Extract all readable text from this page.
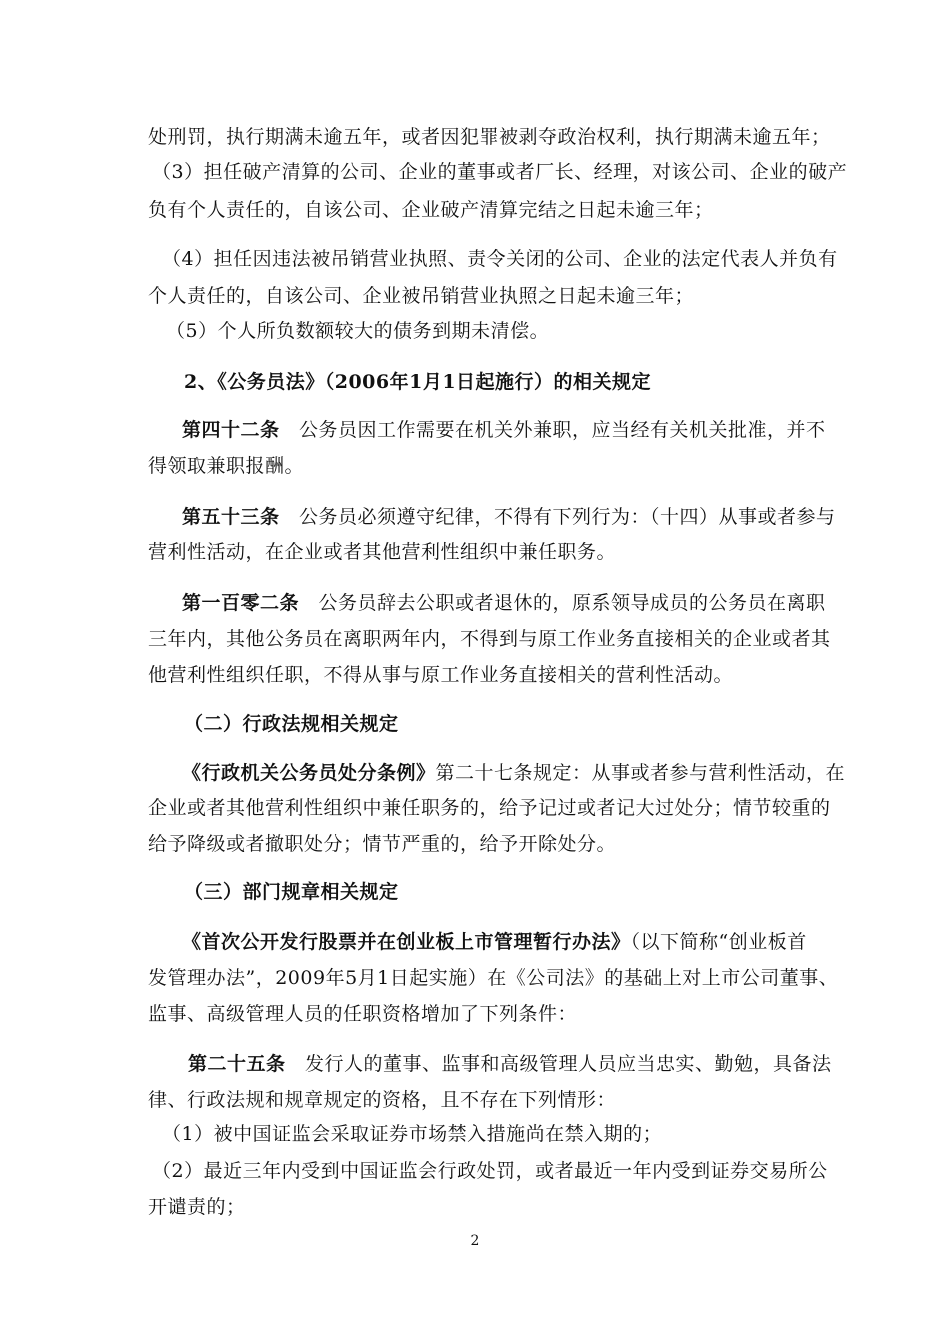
处刑罚，执行期满未逾五年，或者因犯罪被剥夺政治权利，执行期满未逾五年；
（3）担任破产清算的公司、企业的董事或者厂长、经理，对该公司、企业的破产
负有个人责任的，自该公司、企业破产清算完结之日起未逾三年；
（4）担任因违法被吊销营业执照、责令关闭的公司、企业的法定代表人并负有
个人责任的，自该公司、企业被吊销营业执照之日起未逾三年；
（5）个人所负数额较大的债务到期未清偿。
2、《公务员法》（2006年1月1日起施行）的相关规定
第四十二条　公务员因工作需要在机关外兼职，应当经有关机关批准，并不
得领取兼职报酬。
第五十三条　公务员必须遵守纪律，不得有下列行为：（十四）从事或者参与
营利性活动，在企业或者其他营利性组织中兼任职务。
第一百零二条　公务员辞去公职或者退休的，原系领导成员的公务员在离职
三年内，其他公务员在离职两年内，不得到与原工作业务直接相关的企业或者其
他营利性组织任职，不得从事与原工作业务直接相关的营利性活动。
（二）行政法规相关规定
《行政机关公务员处分条例》第二十七条规定：从事或者参与营利性活动，在
企业或者其他营利性组织中兼任职务的，给予记过或者记大过处分；情节较重的
给予降级或者撤职处分；情节严重的，给予开除处分。
（三）部门规章相关规定
《首次公开发行股票并在创业板上市管理暂行办法》（以下简称“创业板首
发管理办法”，2009年5月1日起实施）在《公司法》的基础上对上市公司董事、
监事、高级管理人员的任职资格增加了下列条件：
第二十五条　发行人的董事、监事和高级管理人员应当忠实、勤勉，具备法
律、行政法规和规章规定的资格，且不存在下列情形：
（1）被中国证监会采取证券市场禁入措施尚在禁入期的；
（2）最近三年内受到中国证监会行政处罚，或者最近一年内受到证券交易所公
开谴责的；
2
